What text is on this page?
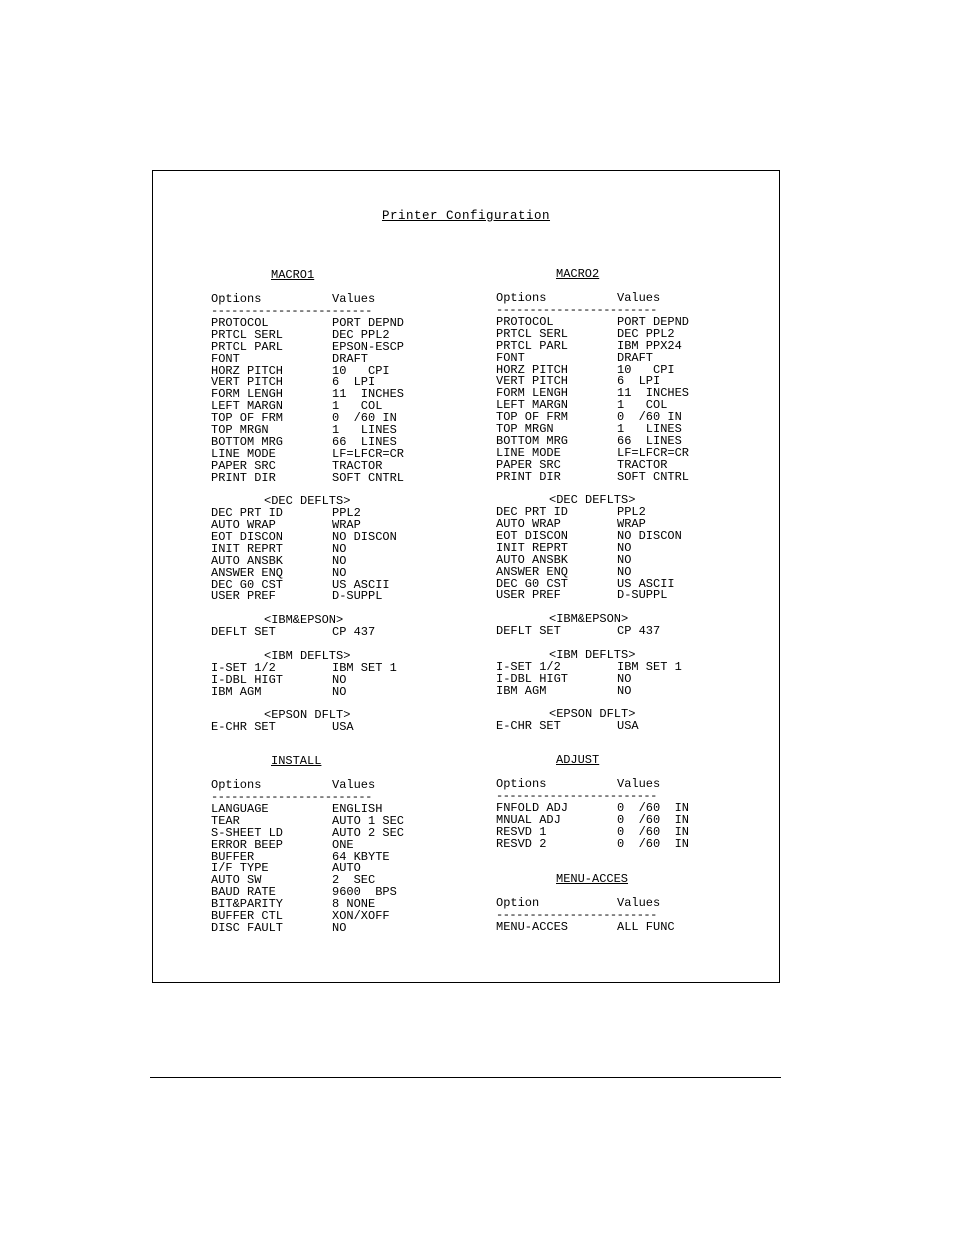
Printer Configuration
MACRO1
Options	Values
------------------------
PROTOCOL	PORT DEPND
PRTCL SERL	DEC PPL2
PRTCL PARL	EPSON-ESCP
FONT	DRAFT
HORZ PITCH	10   CPI
VERT PITCH	6  LPI
FORM LENGH	11  INCHES
LEFT MARGN	1   COL
TOP OF FRM	0  /60 IN
TOP MRGN	1   LINES
BOTTOM MRG	66  LINES
LINE MODE	LF=LFCR=CR
PAPER SRC	TRACTOR
PRINT DIR	SOFT CNTRL
<DEC DEFLTS>
DEC PRT ID	PPL2
AUTO WRAP	WRAP
EOT DISCON	NO DISCON
INIT REPRT	NO
AUTO ANSBK	NO
ANSWER ENQ	NO
DEC G0 CST	US ASCII
USER PREF	D-SUPPL
<IBM&EPSON>
DEFLT SET	CP 437
<IBM DEFLTS>
I-SET 1/2	IBM SET 1
I-DBL HIGT	NO
IBM AGM	NO
<EPSON DFLT>
E-CHR SET	USA
INSTALL
Options	Values
------------------------
LANGUAGE	ENGLISH
TEAR	AUTO 1 SEC
S-SHEET LD	AUTO 2 SEC
ERROR BEEP	ONE
BUFFER	64 KBYTE
I/F TYPE	AUTO
AUTO SW	2  SEC
BAUD RATE	9600  BPS
BIT&PARITY	8 NONE
BUFFER CTL	XON/XOFF
DISC FAULT	NO
MACRO2
Options	Values
------------------------
PROTOCOL	PORT DEPND
PRTCL SERL	DEC PPL2
PRTCL PARL	IBM PPX24
FONT	DRAFT
HORZ PITCH	10   CPI
VERT PITCH	6  LPI
FORM LENGH	11  INCHES
LEFT MARGN	1   COL
TOP OF FRM	0  /60 IN
TOP MRGN	1   LINES
BOTTOM MRG	66  LINES
LINE MODE	LF=LFCR=CR
PAPER SRC	TRACTOR
PRINT DIR	SOFT CNTRL
<DEC DEFLTS>
DEC PRT ID	PPL2
AUTO WRAP	WRAP
EOT DISCON	NO DISCON
INIT REPRT	NO
AUTO ANSBK	NO
ANSWER ENQ	NO
DEC G0 CST	US ASCII
USER PREF	D-SUPPL
<IBM&EPSON>
DEFLT SET	CP 437
<IBM DEFLTS>
I-SET 1/2	IBM SET 1
I-DBL HIGT	NO
IBM AGM	NO
<EPSON DFLT>
E-CHR SET	USA
ADJUST
Options	Values
------------------------
FNFOLD ADJ	0  /60  IN
MNUAL ADJ	0  /60  IN
RESVD 1	0  /60  IN
RESVD 2	0  /60  IN
MENU-ACCES
Option	Values
------------------------
MENU-ACCES	ALL FUNC
